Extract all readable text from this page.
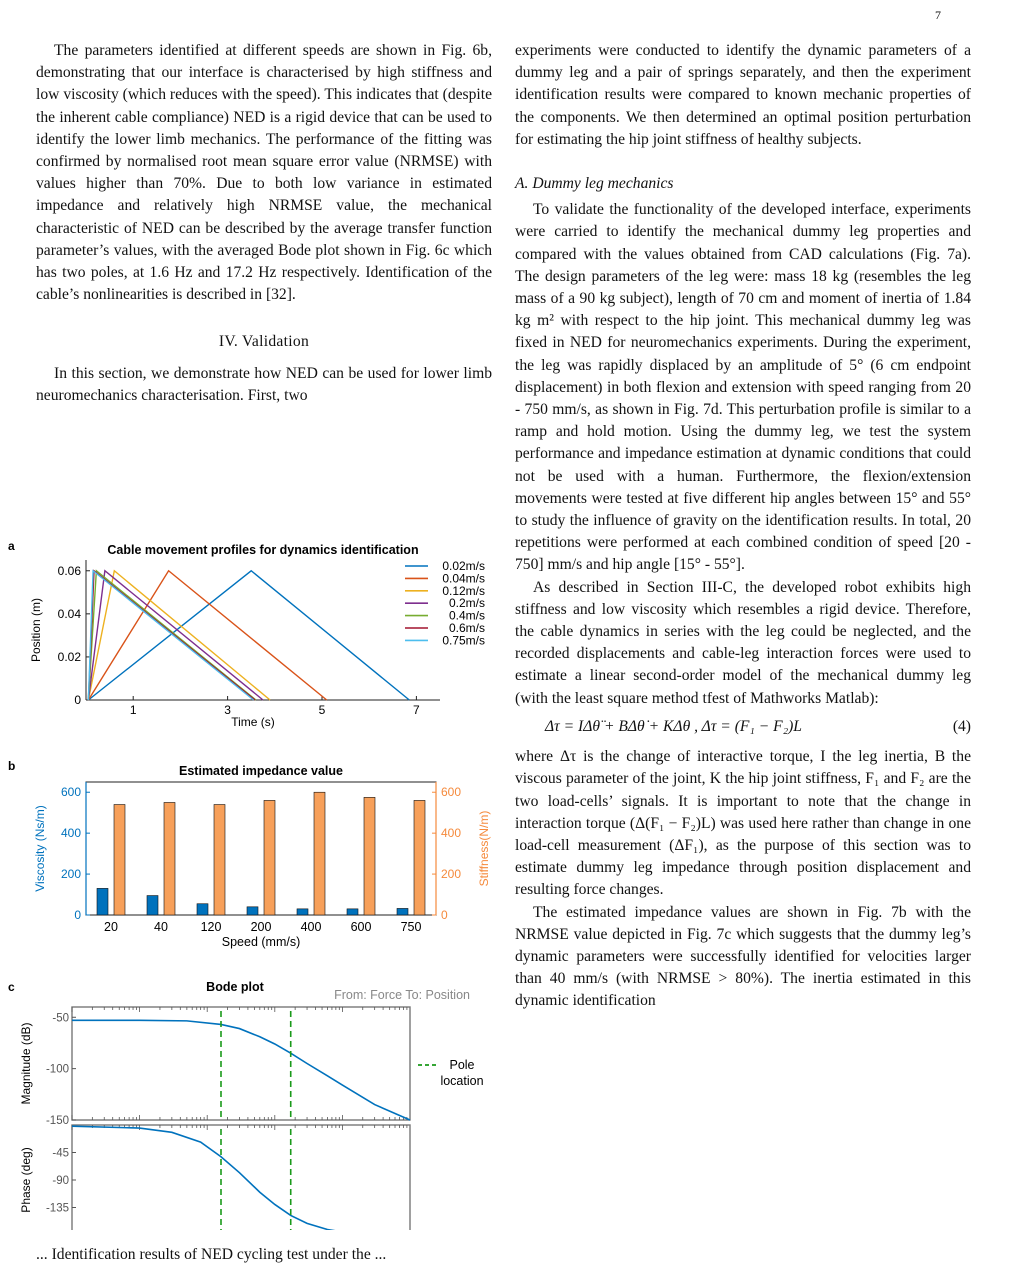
7

The parameters identified at different speeds are shown in Fig. 6b, demonstrating that our interface is characterised by high stiffness and low viscosity (which reduces with the speed). This indicates that (despite the inherent cable compliance) NED is a rigid device that can be used to identify the lower limb mechanics. The performance of the fitting was confirmed by normalised root mean square error value (NRMSE) with values higher than 70%. Due to both low variance in estimated impedance and relatively high NRMSE value, the mechanical characteristic of NED can be described by the average transfer function parameter’s values, with the averaged Bode plot shown in Fig. 6c which has two poles, at 1.6 Hz and 17.2 Hz respectively. Identification of the cable’s nonlinearities is described in [32].

IV. Validation

In this section, we demonstrate how NED can be used for lower limb neuromechanics characterisation. First, two

a	Cable movement profiles for dynamics identification
0
0.02
0.04
0.06
1	3	5	7
Time (s)
Position (m)
0.02m/s
0.04m/s
0.12m/s
0.2m/s
0.4m/s
0.6m/s
0.75m/s
b	Estimated impedance value
0	0
200	200
400	400
600	600
20	40	120 200 400 600 750
Speed (mm/s)
Viscosity (Ns/m)	Stiffness(N/m)
c	Bode plot
From: Force To: Position
-50
-100
-150
Magnitude (dB)
-45
-90
-135
Phase (deg)
Pole
location

experiments were conducted to identify the dynamic parameters of a dummy leg and a pair of springs separately, and then the experiment identification results were compared to known mechanic properties of the components. We then determined an optimal position perturbation for estimating the hip joint stiffness of healthy subjects.

A. Dummy leg mechanics

To validate the functionality of the developed interface, experiments were carried to identify the mechanical dummy leg properties and compared with the values obtained from CAD calculations (Fig. 7a). The design parameters of the leg were: mass 18 kg (resembles the leg mass of a 90 kg subject), length of 70 cm and moment of inertia of 1.84 kg m² with respect to the hip joint. This mechanical dummy leg was fixed in NED for neuromechanics experiments. During the experiment, the leg was rapidly displaced by an amplitude of 5° (6 cm endpoint displacement) in both flexion and extension with speed ranging from 20 - 750 mm/s, as shown in Fig. 7d. This perturbation profile is similar to a ramp and hold motion. Using the dummy leg, we test the system performance and impedance estimation at dynamic conditions that could not be used with a human. Furthermore, the flexion/extension movements were tested at five different hip angles between 15° and 55° to study the influence of gravity on the identification results. In total, 20 repetitions were performed at each combined condition of speed [20 - 750] mm/s and hip angle [15° - 55°].

As described in Section III-C, the developed robot exhibits high stiffness and low viscosity which resembles a rigid device. Therefore, the cable dynamics in series with the leg could be neglected, and the recorded displacements and cable-leg interaction forces were used to estimate a linear second-order model of the mechanical dummy leg (with the least square method tfest of Mathworks Matlab):

Δτ = IΔθ̈ + BΔθ̇ + KΔθ , Δτ = (F₁ − F₂)L	(4)

where Δτ is the change of interactive torque, I the leg inertia, B the viscous parameter of the joint, K the hip joint stiffness, F₁ and F₂ are the two load-cells’ signals. It is important to note that the change in interaction torque (Δ(F₁ − F₂)L) was used here rather than change in one load-cell measurement (ΔF₁), as the purpose of this section was to estimate dummy leg impedance through position displacement and resulting force changes.

The estimated impedance values are shown in Fig. 7b with the NRMSE value depicted in Fig. 7c which suggests that the dummy leg’s dynamic parameters were successfully identified for velocities larger than 40 mm/s (with NRMSE > 80%). The inertia estimated in this dynamic identification

... Identification results of NED cycling test under the ...
